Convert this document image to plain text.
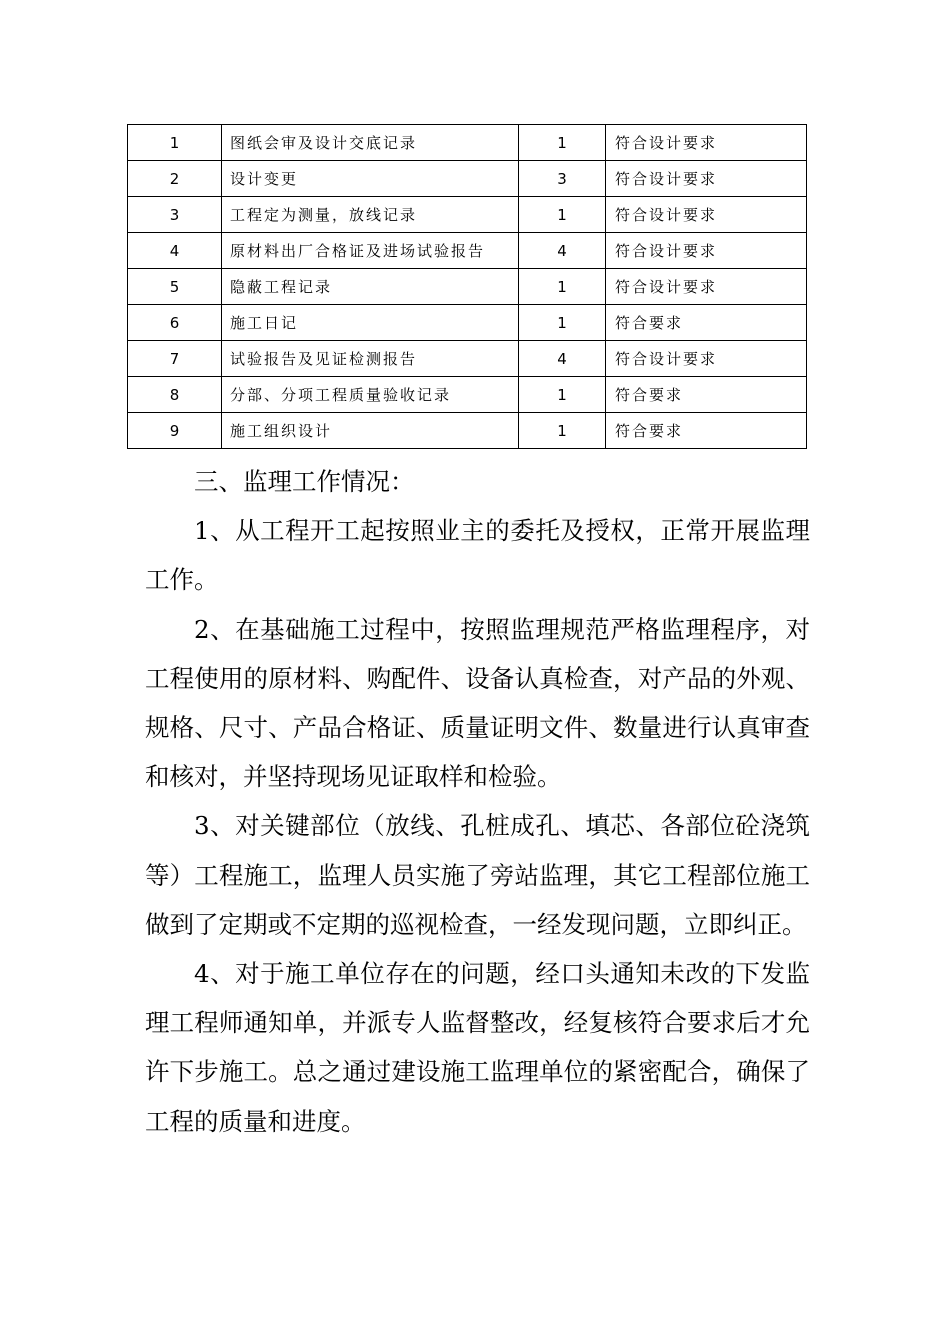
1	图纸会审及设计交底记录	1	符合设计要求
2	设计变更	3	符合设计要求
3	工程定为测量，放线记录	1	符合设计要求
4	原材料出厂合格证及进场试验报告	4	符合设计要求
5	隐蔽工程记录	1	符合设计要求
6	施工日记	1	符合要求
7	试验报告及见证检测报告	4	符合设计要求
8	分部、分项工程质量验收记录	1	符合要求
9	施工组织设计	1	符合要求

三、监理工作情况：

1、从工程开工起按照业主的委托及授权，正常开展监理工作。

2、在基础施工过程中，按照监理规范严格监理程序，对工程使用的原材料、购配件、设备认真检查，对产品的外观、规格、尺寸、产品合格证、质量证明文件、数量进行认真审查和核对，并坚持现场见证取样和检验。

3、对关键部位（放线、孔桩成孔、填芯、各部位砼浇筑等）工程施工，监理人员实施了旁站监理，其它工程部位施工做到了定期或不定期的巡视检查，一经发现问题，立即纠正。

4、对于施工单位存在的问题，经口头通知未改的下发监理工程师通知单，并派专人监督整改，经复核符合要求后才允许下步施工。总之通过建设施工监理单位的紧密配合，确保了工程的质量和进度。
